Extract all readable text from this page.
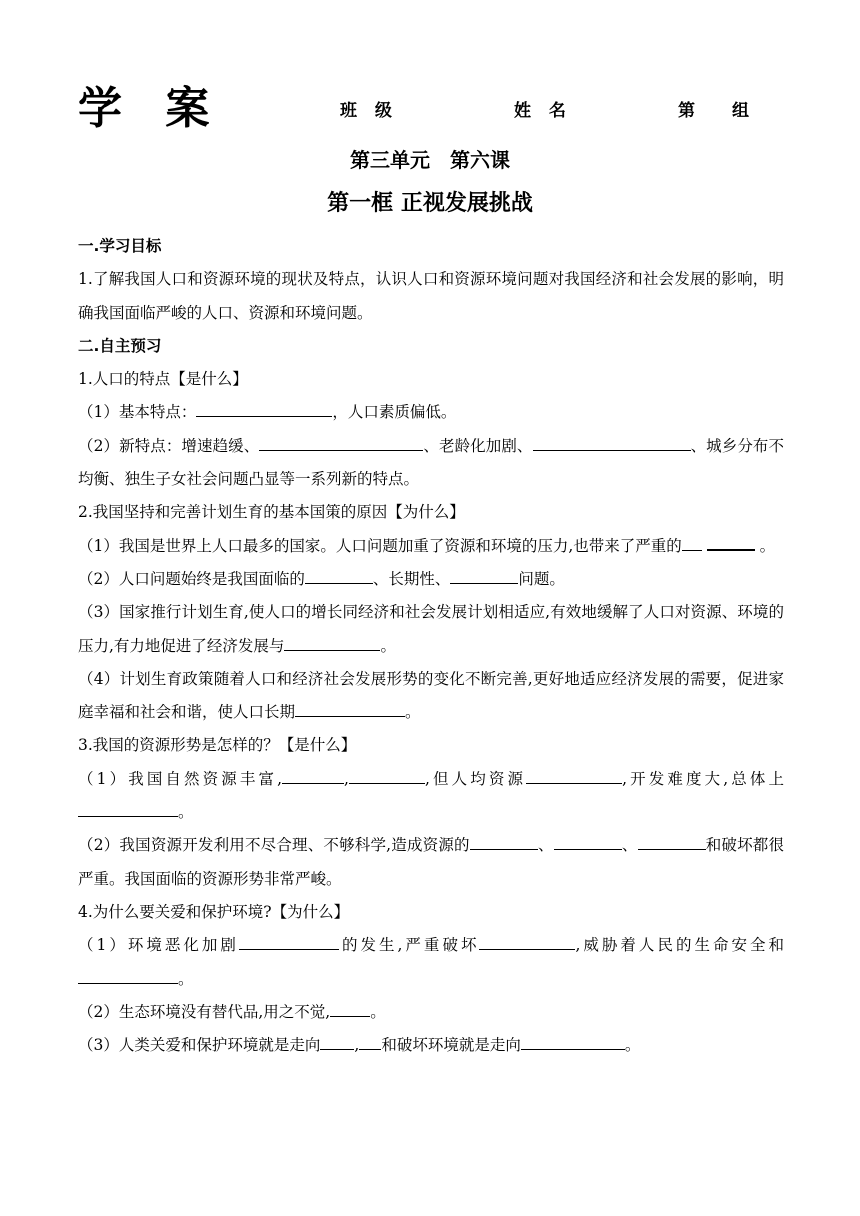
学 案	班 级	姓 名	第 组
第三单元　第六课
第一框 正视发展挑战

一.学习目标

1.了解我国人口和资源环境的现状及特点，认识人口和资源环境问题对我国经济和社会发展的影响，明确我国面临严峻的人口、资源和环境问题。

二.自主预习

1.人口的特点【是什么】

（1）基本特点：	，人口素质偏低。

（2）新特点：增速趋缓、	、老龄化加剧、	、城乡分布不均衡、独生子女社会问题凸显等一系列新的特点。

2.我国坚持和完善计划生育的基本国策的原因【为什么】

（1）我国是世界上人口最多的国家。人口问题加重了资源和环境的压力,也带来了严重的	。

（2）人口问题始终是我国面临的	、长期性、	问题。

（3）国家推行计划生育,使人口的增长同经济和社会发展计划相适应,有效地缓解了人口对资源、环境的压力,有力地促进了经济发展与	。

（4）计划生育政策随着人口和经济社会发展形势的变化不断完善,更好地适应经济发展的需要，促进家庭幸福和社会和谐，使人口长期	。

3.我国的资源形势是怎样的？【是什么】

（1）我国自然资源丰富,	,	,但人均资源	,开发难度大,总体上。

（2）我国资源开发利用不尽合理、不够科学,造成资源的	、	、	和破坏都很严重。我国面临的资源形势非常严峻。

4.为什么要关爱和保护环境?【为什么】

（1）环境恶化加剧	的发生,严重破坏	,威胁着人民的生命安全和。

（2）生态环境没有替代品,用之不觉,	。

（3）人类关爱和保护环境就是走向 , 和破坏环境就是走向	。
